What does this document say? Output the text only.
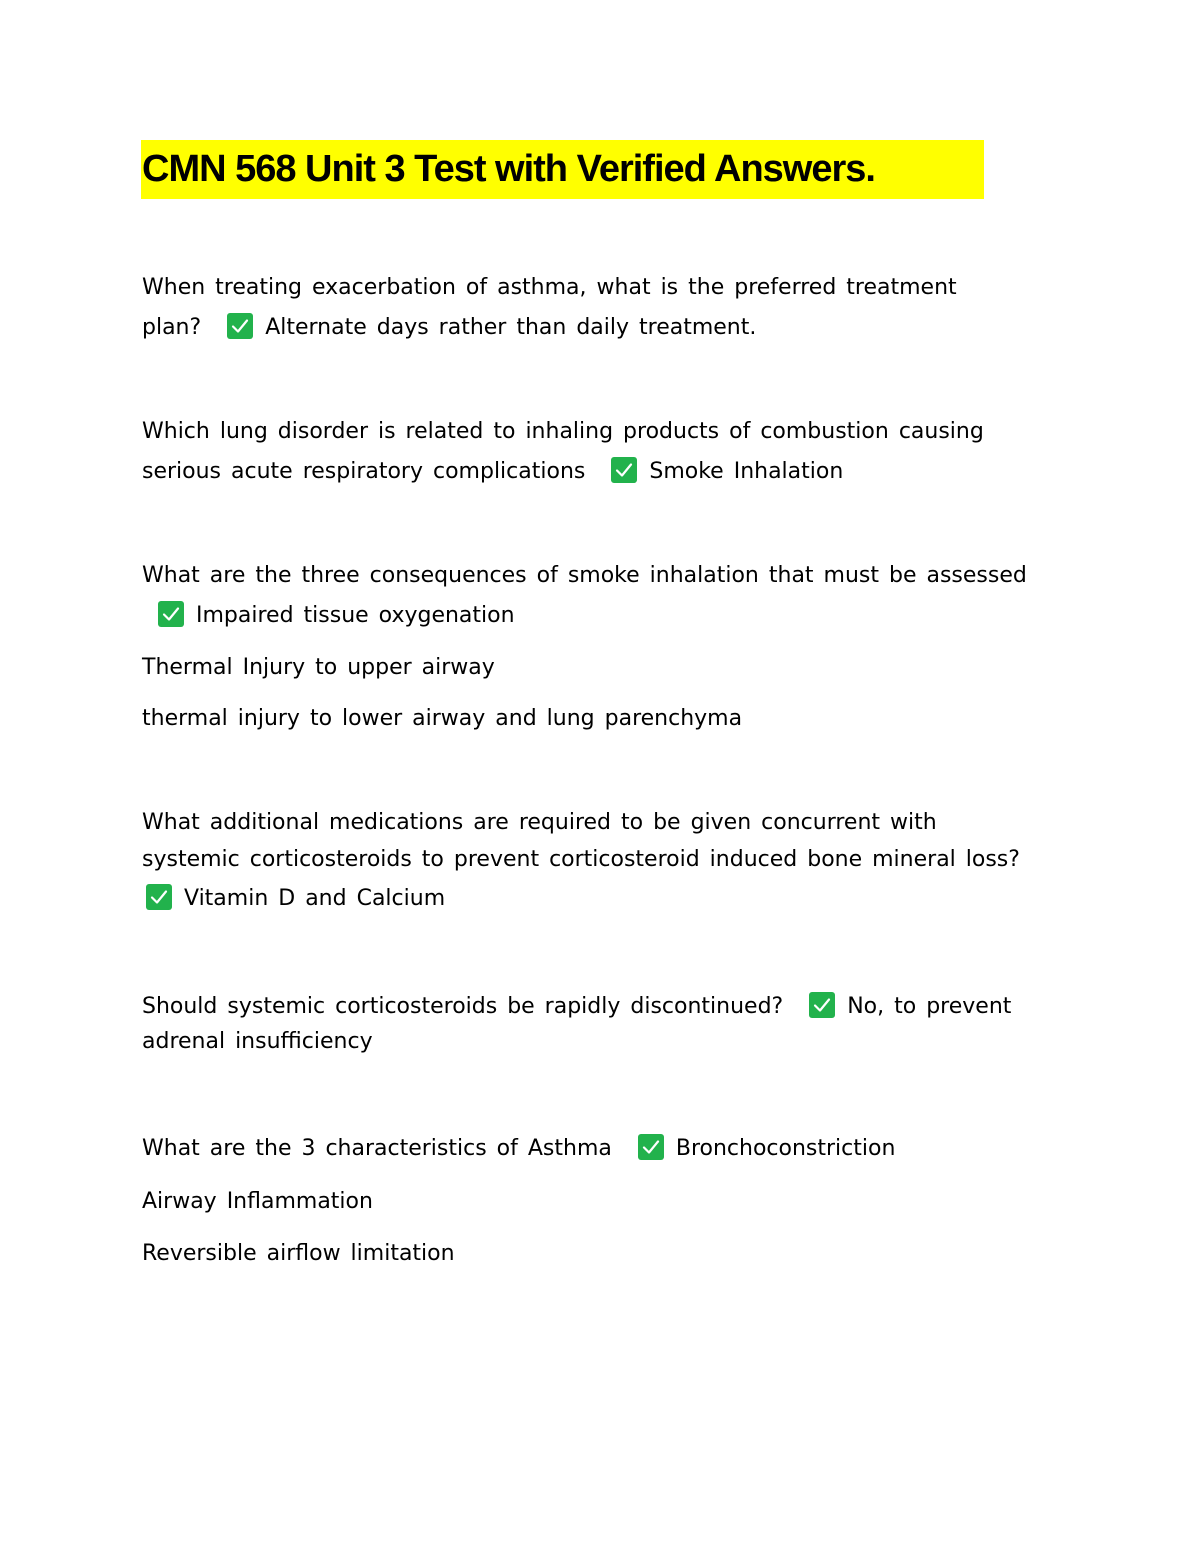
CMN 568 Unit 3 Test with Verified Answers.
When treating exacerbation of asthma, what is the preferred treatment
plan?	Alternate days rather than daily treatment.
Which lung disorder is related to inhaling products of combustion causing
serious acute respiratory complications	Smoke Inhalation
What are the three consequences of smoke inhalation that must be assessed
Impaired tissue oxygenation
Thermal Injury to upper airway
thermal injury to lower airway and lung parenchyma
What additional medications are required to be given concurrent with
systemic corticosteroids to prevent corticosteroid induced bone mineral loss?
Vitamin D and Calcium
Should systemic corticosteroids be rapidly discontinued?	No, to prevent
adrenal insufficiency
What are the 3 characteristics of Asthma	Bronchoconstriction
Airway Inflammation
Reversible airflow limitation
